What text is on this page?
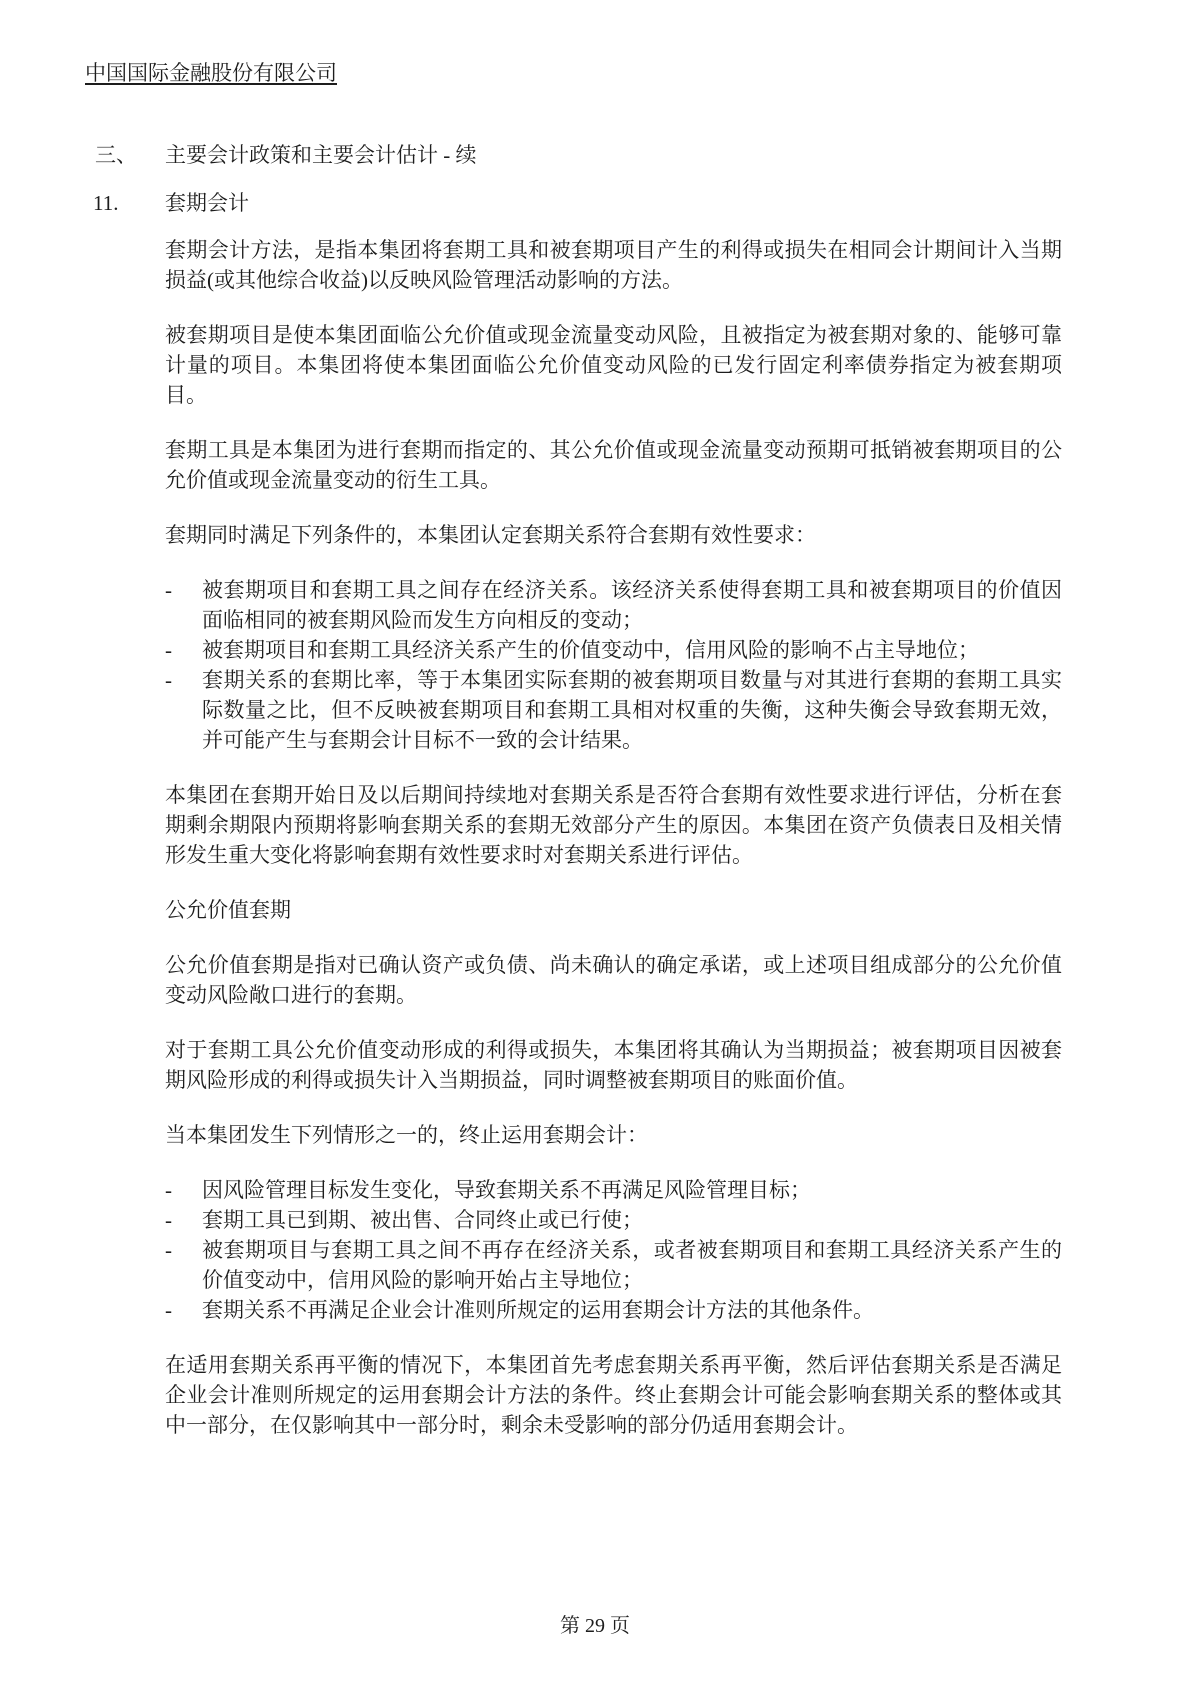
中国国际金融股份有限公司
三、	主要会计政策和主要会计估计 - 续
11.	套期会计

套期会计方法，是指本集团将套期工具和被套期项目产生的利得或损失在相同会计期间计入当期损益(或其他综合收益)以反映风险管理活动影响的方法。

被套期项目是使本集团面临公允价值或现金流量变动风险，且被指定为被套期对象的、能够可靠计量的项目。本集团将使本集团面临公允价值变动风险的已发行固定利率债券指定为被套期项目。

套期工具是本集团为进行套期而指定的、其公允价值或现金流量变动预期可抵销被套期项目的公允价值或现金流量变动的衍生工具。

套期同时满足下列条件的，本集团认定套期关系符合套期有效性要求：

-	被套期项目和套期工具之间存在经济关系。该经济关系使得套期工具和被套期项目的价值因面临相同的被套期风险而发生方向相反的变动；
-	被套期项目和套期工具经济关系产生的价值变动中，信用风险的影响不占主导地位；
-	套期关系的套期比率，等于本集团实际套期的被套期项目数量与对其进行套期的套期工具实际数量之比，但不反映被套期项目和套期工具相对权重的失衡，这种失衡会导致套期无效，并可能产生与套期会计目标不一致的会计结果。

本集团在套期开始日及以后期间持续地对套期关系是否符合套期有效性要求进行评估，分析在套期剩余期限内预期将影响套期关系的套期无效部分产生的原因。本集团在资产负债表日及相关情形发生重大变化将影响套期有效性要求时对套期关系进行评估。

公允价值套期

公允价值套期是指对已确认资产或负债、尚未确认的确定承诺，或上述项目组成部分的公允价值变动风险敞口进行的套期。

对于套期工具公允价值变动形成的利得或损失，本集团将其确认为当期损益；被套期项目因被套期风险形成的利得或损失计入当期损益，同时调整被套期项目的账面价值。

当本集团发生下列情形之一的，终止运用套期会计：

-	因风险管理目标发生变化，导致套期关系不再满足风险管理目标；
-	套期工具已到期、被出售、合同终止或已行使；
-	被套期项目与套期工具之间不再存在经济关系，或者被套期项目和套期工具经济关系产生的价值变动中，信用风险的影响开始占主导地位；
-	套期关系不再满足企业会计准则所规定的运用套期会计方法的其他条件。

在适用套期关系再平衡的情况下，本集团首先考虑套期关系再平衡，然后评估套期关系是否满足企业会计准则所规定的运用套期会计方法的条件。终止套期会计可能会影响套期关系的整体或其中一部分，在仅影响其中一部分时，剩余未受影响的部分仍适用套期会计。

第 29 页
